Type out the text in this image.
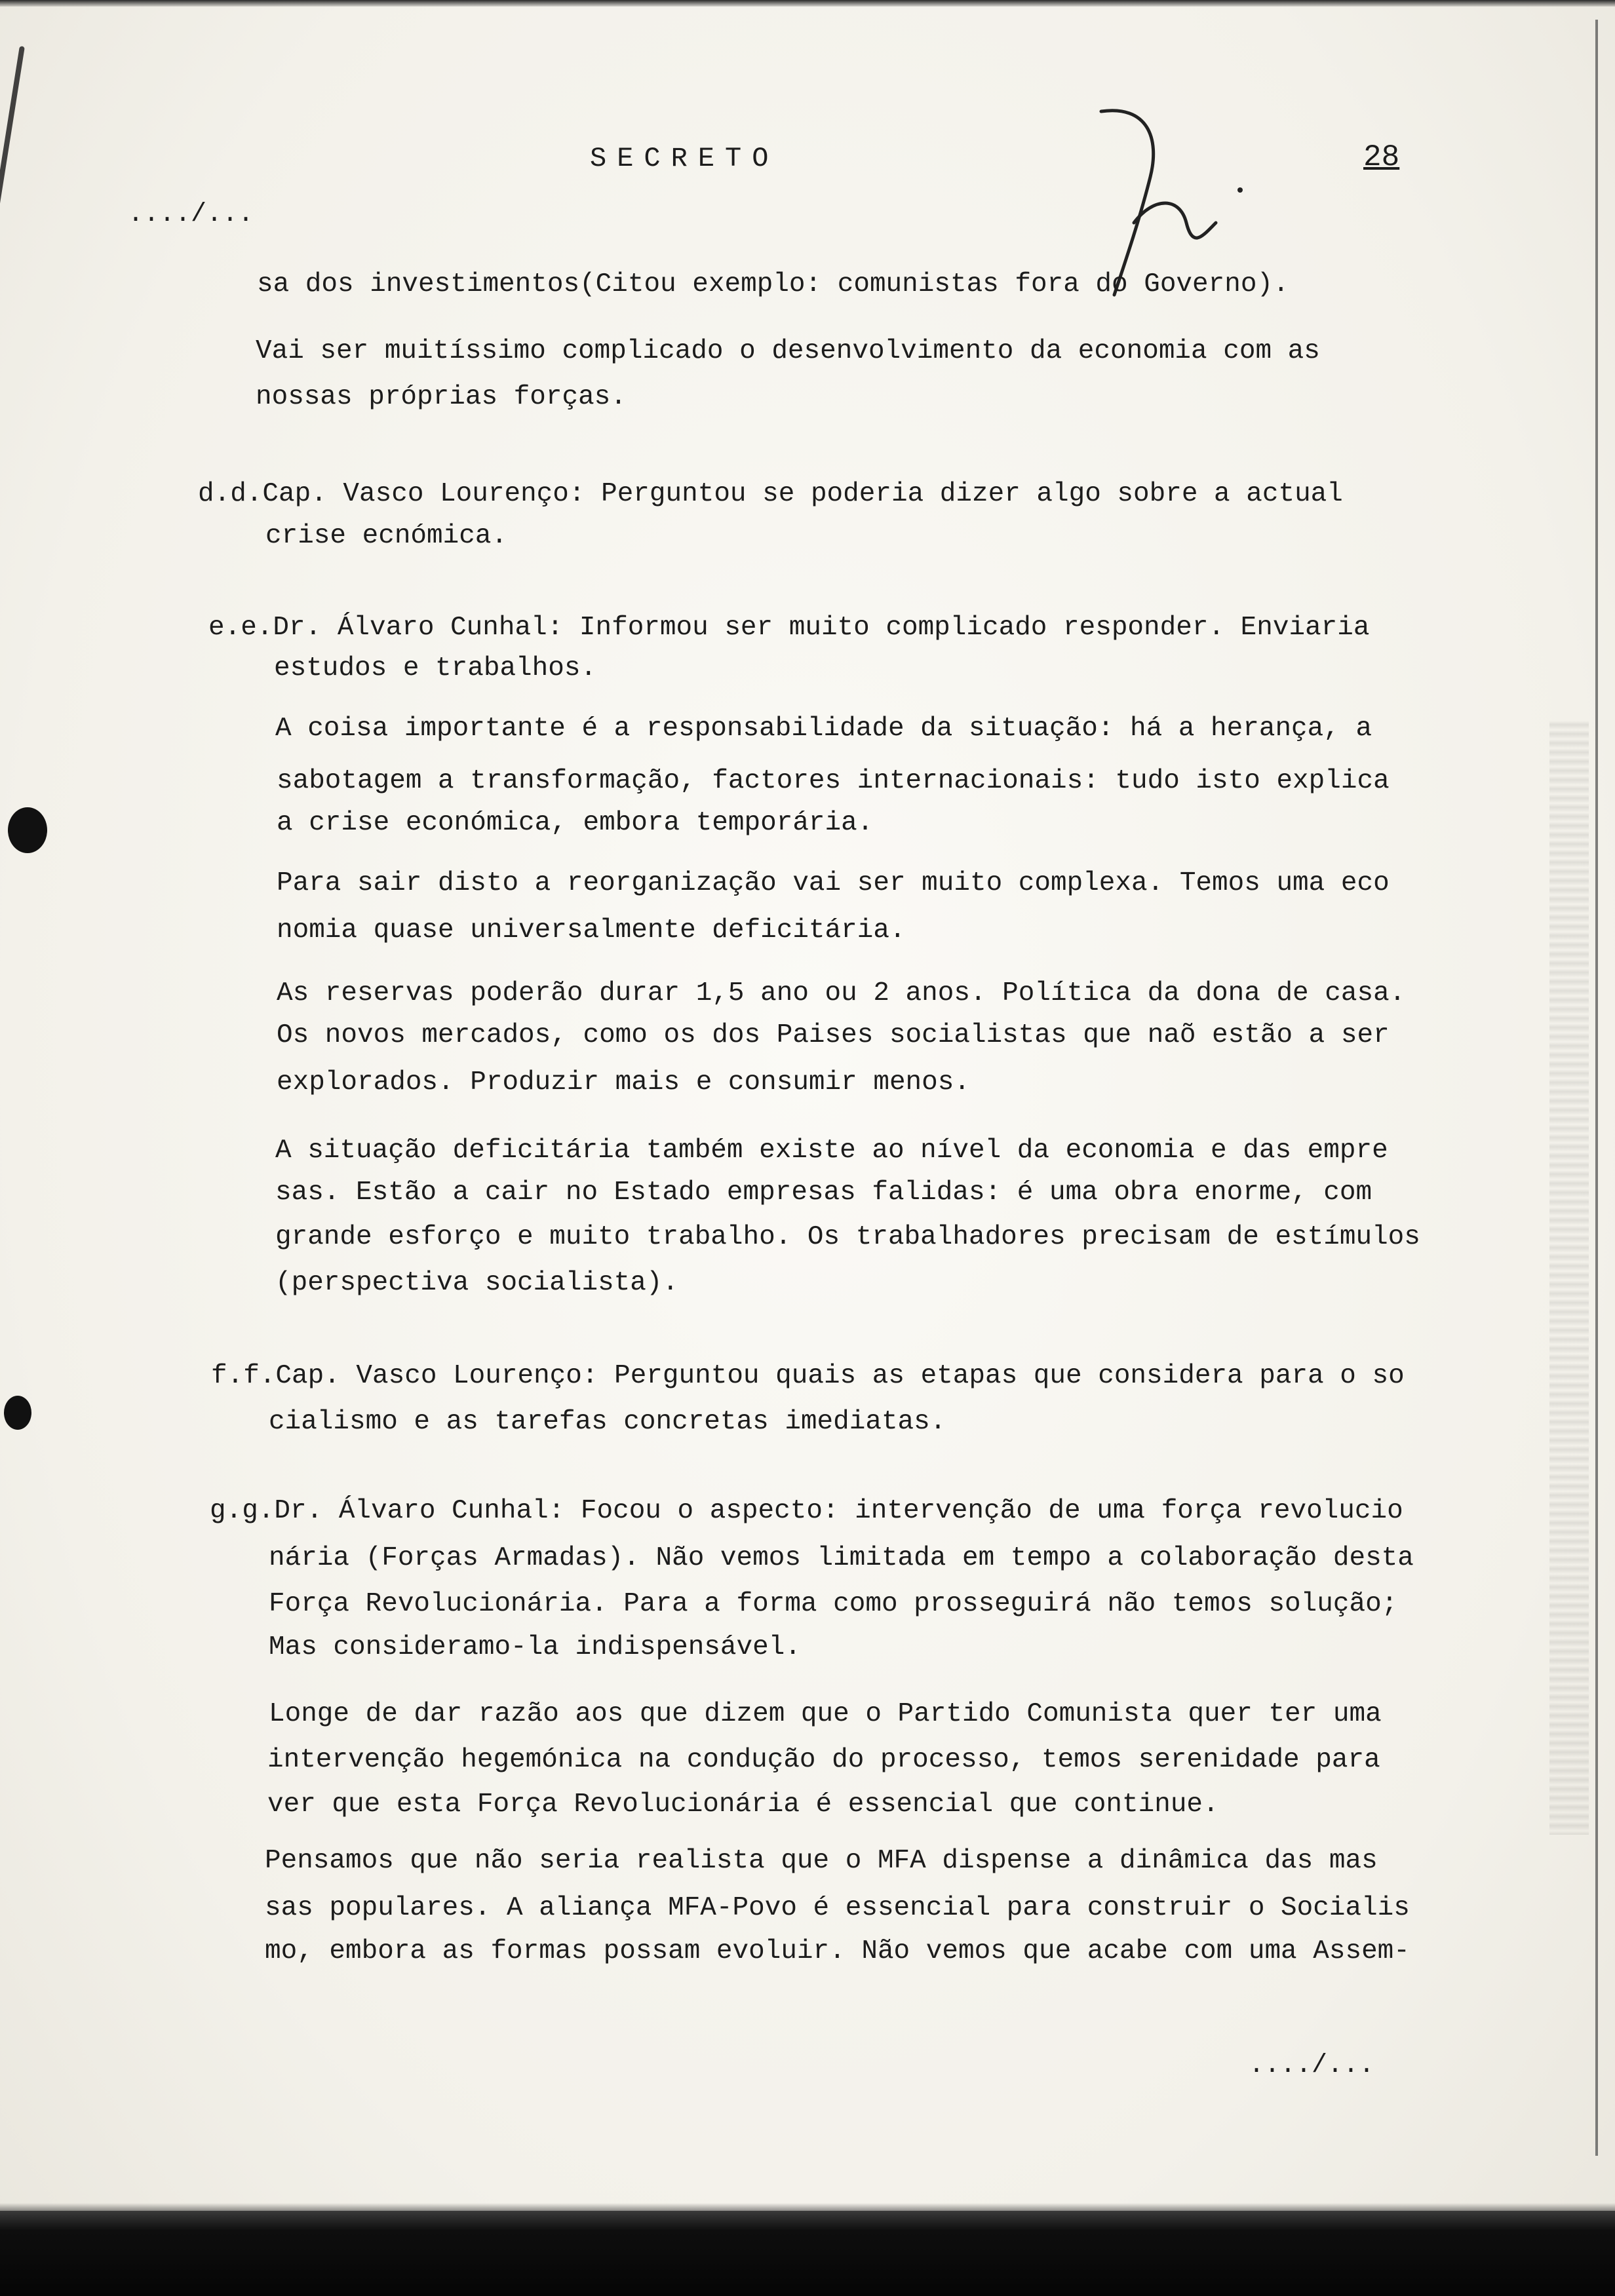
SECRETO	28
..../...
sa dos investimentos(Citou exemplo: comunistas fora do Governo).
Vai ser muitíssimo complicado o desenvolvimento da economia com as
nossas próprias forças.
d.d.Cap. Vasco Lourenço: Perguntou se poderia dizer algo sobre a actual
crise ecnómica.
e.e.Dr. Álvaro Cunhal: Informou ser muito complicado responder. Enviaria
estudos e trabalhos.
A coisa importante é a responsabilidade da situação: há a herança, a
sabotagem a transformação, factores internacionais: tudo isto explica
a crise económica, embora temporária.
Para sair disto a reorganização vai ser muito complexa. Temos uma eco
nomia quase universalmente deficitária.
As reservas poderão durar 1,5 ano ou 2 anos. Política da dona de casa.
Os novos mercados, como os dos Paises socialistas que naõ estão a ser
explorados. Produzir mais e consumir menos.
A situação deficitária também existe ao nível da economia e das empre
sas. Estão a cair no Estado empresas falidas: é uma obra enorme, com
grande esforço e muito trabalho. Os trabalhadores precisam de estímulos
(perspectiva socialista).
f.f.Cap. Vasco Lourenço: Perguntou quais as etapas que considera para o so
cialismo e as tarefas concretas imediatas.
g.g.Dr. Álvaro Cunhal: Focou o aspecto: intervenção de uma força revolucio
nária (Forças Armadas). Não vemos limitada em tempo a colaboração desta
Força Revolucionária. Para a forma como prosseguirá não temos solução;
Mas consideramo-la indispensável.
Longe de dar razão aos que dizem que o Partido Comunista quer ter uma
intervenção hegemónica na condução do processo, temos serenidade para
ver que esta Força Revolucionária é essencial que continue.
Pensamos que não seria realista que o MFA dispense a dinâmica das mas
sas populares. A aliança MFA-Povo é essencial para construir o Socialis
mo, embora as formas possam evoluir. Não vemos que acabe com uma Assem-
..../...
